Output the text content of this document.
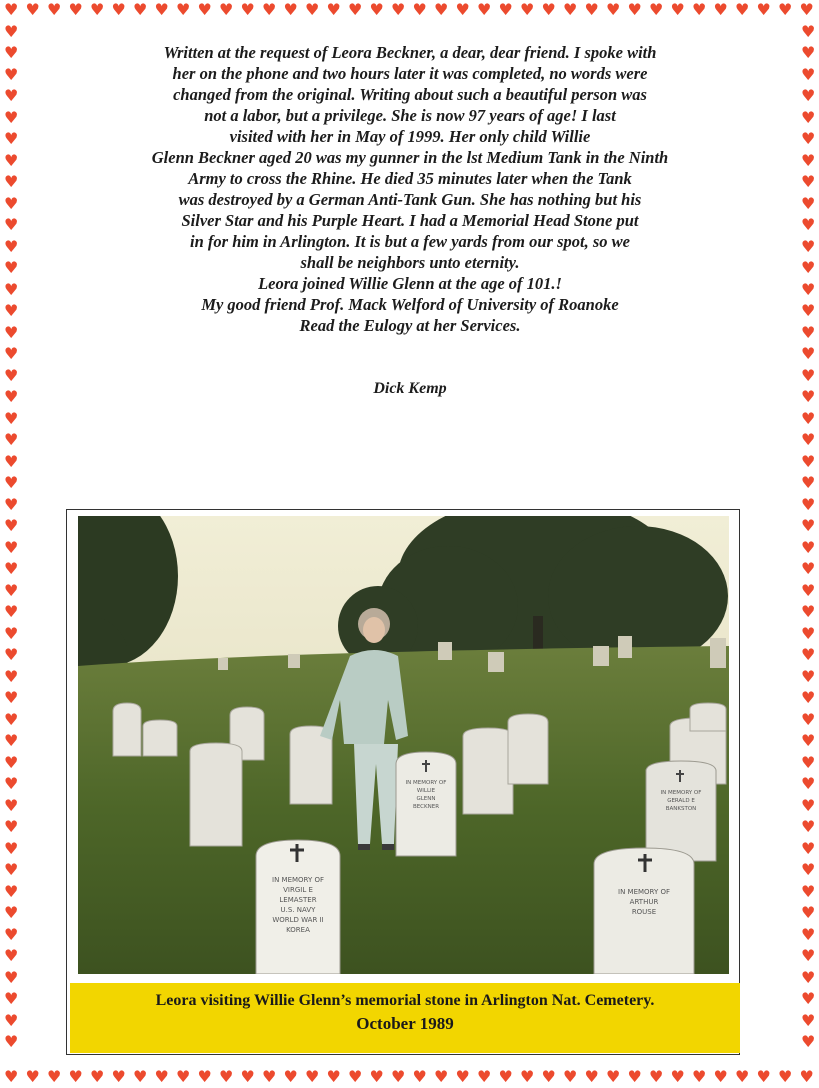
♥
♥
♥
♥
♥
♥
♥
♥
♥
♥
♥
♥
♥
♥
♥
♥
♥
♥
♥
♥
♥
♥
♥
♥
♥
♥
♥
♥
♥
♥
♥
♥
♥
♥
♥
♥
♥
♥
♥
♥
♥
♥
♥
♥
♥
♥
♥
♥
♥
♥
♥
♥
♥
♥
♥
♥
♥
♥
♥
♥
♥
♥
♥
♥
♥
♥
♥
♥
♥
♥
♥
♥
♥
♥
♥
♥
♥	♥
♥	♥
♥	♥
♥	♥
♥	♥
♥	♥
♥	♥
♥	♥
♥	♥
♥	♥
♥	♥
♥	♥
♥	♥
♥	♥
♥	♥
♥	♥
♥	♥
♥	♥
♥	♥
♥	♥
♥	♥
♥	♥
♥	♥
♥	♥
♥	♥
♥	♥
♥	♥
♥	♥
♥	♥
♥	♥
♥	♥
♥	♥
♥	♥
♥	♥
♥	♥
♥	♥
♥	♥
♥	♥
♥	♥
♥	♥
♥	♥
♥	♥
♥	♥
♥	♥
♥	♥
♥	♥
♥	♥
♥	♥
Written at the request of Leora Beckner, a dear, dear friend. I spoke with
her on the phone and two hours later it was completed, no words were
changed from the original. Writing about such a beautiful person was
not a labor, but a privilege. She is now 97 years of age! I last
visited with her in May of 1999. Her only child Willie
Glenn Beckner aged 20 was my gunner in the lst Medium Tank in the Ninth
Army to cross the Rhine. He died 35 minutes later when the Tank
was destroyed by a German Anti-Tank Gun. She has nothing but his
Silver Star and his Purple Heart. I had a Memorial Head Stone put
in for him in Arlington. It is but a few yards from our spot, so we
shall be neighbors unto eternity.
Leora joined Willie Glenn at the age of 101.!
My good friend Prof. Mack Welford of University of Roanoke
Read the Eulogy at her Services.
Dick Kemp
IN MEMORY OF
WILLIE
GLENN
BECKNER
IN MEMORY OF
GERALD E
BANKSTON
IN MEMORY OF
VIRGIL E
LEMASTER
U.S. NAVY
WORLD WAR II
KOREA
IN MEMORY OF
ARTHUR
ROUSE
Leora visiting Willie Glenn’s memorial stone in Arlington Nat. Cemetery.
October 1989
